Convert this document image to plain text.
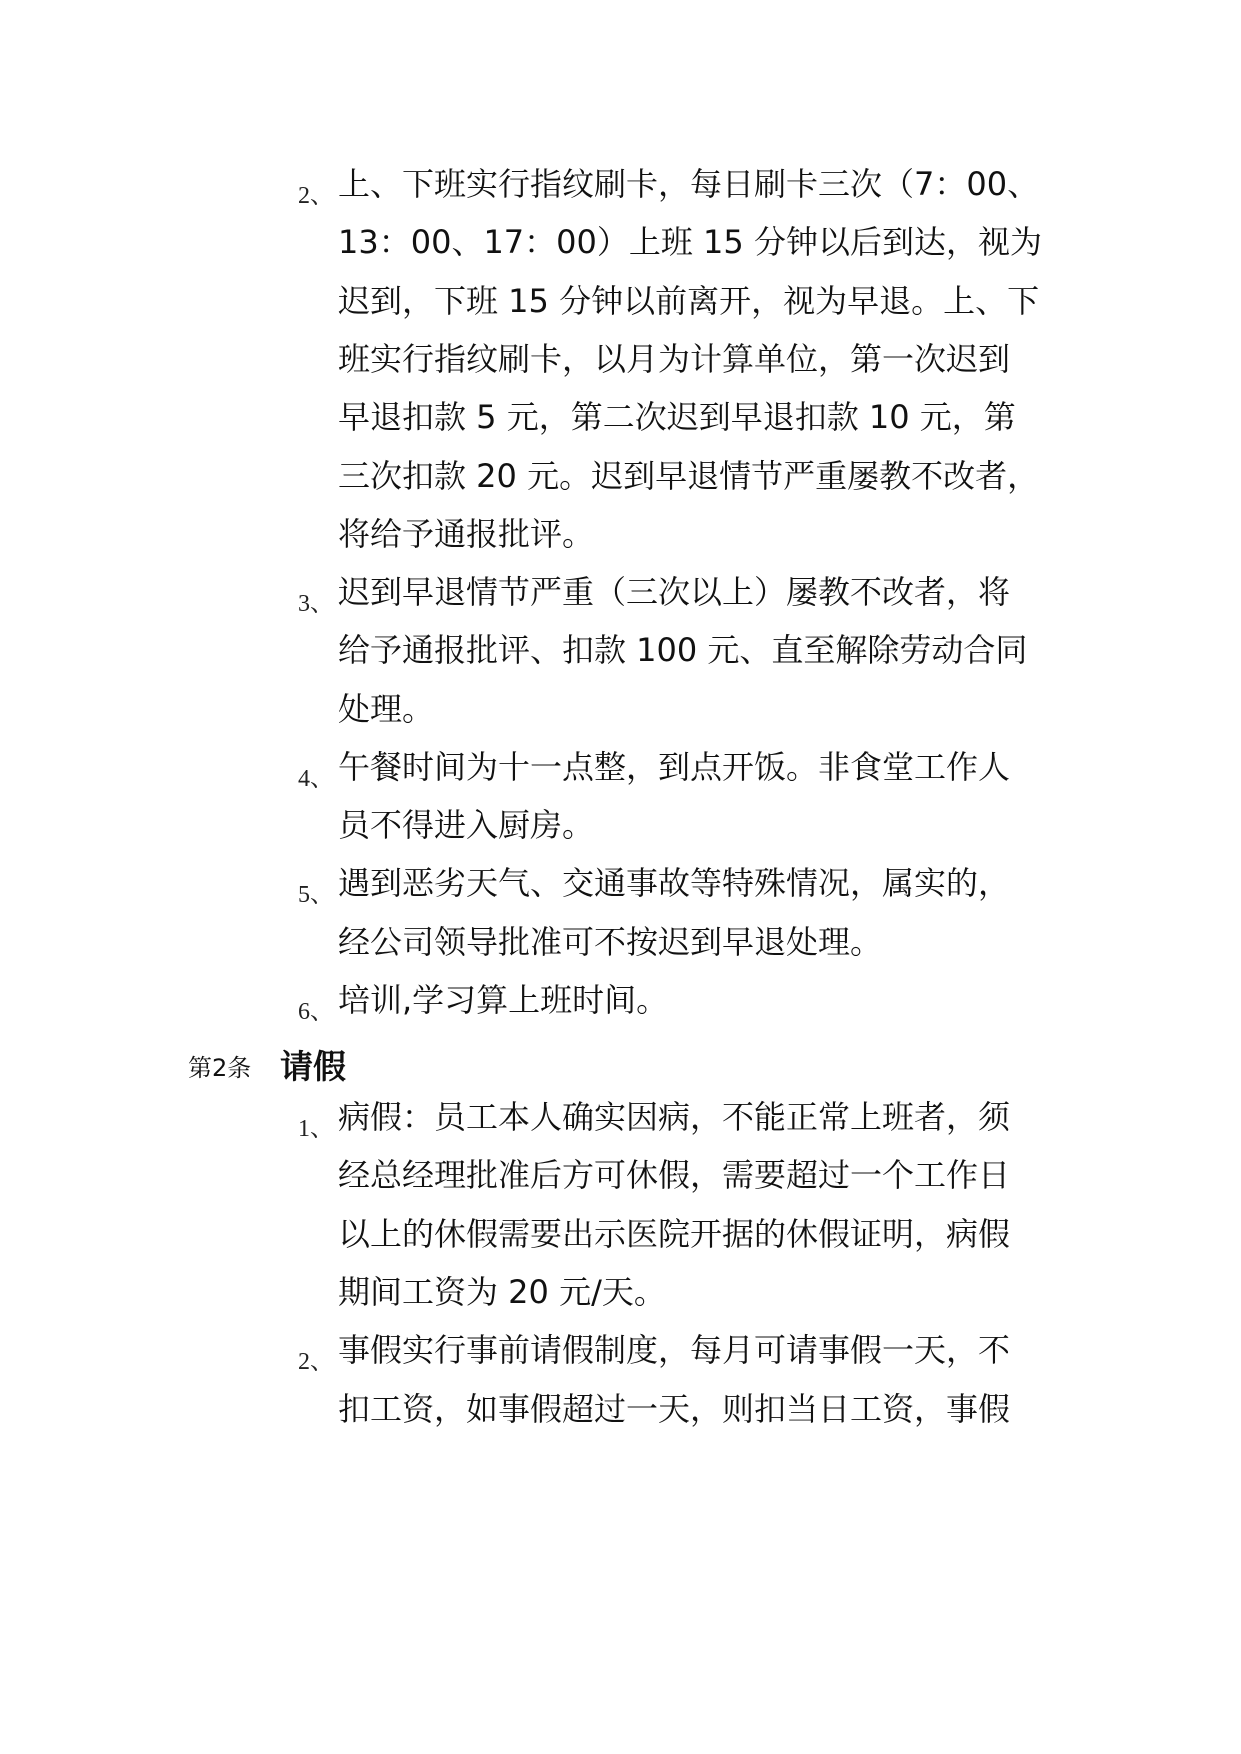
2、 上、下班实行指纹刷卡，每日刷卡三次（7：00、
13：00、17：00）上班 15 分钟以后到达，视为
迟到，下班 15 分钟以前离开，视为早退。上、下
班实行指纹刷卡，以月为计算单位，第一次迟到
早退扣款 5 元，第二次迟到早退扣款 10 元，第
三次扣款 20 元。迟到早退情节严重屡教不改者，
将给予通报批评。
3、 迟到早退情节严重（三次以上）屡教不改者，将
给予通报批评、扣款 100 元、直至解除劳动合同
处理。
4、 午餐时间为十一点整，到点开饭。非食堂工作人
员不得进入厨房。
5、 遇到恶劣天气、交通事故等特殊情况，属实的，
经公司领导批准可不按迟到早退处理。
6、 培训,学习算上班时间。
第2条 请假
1、 病假：员工本人确实因病，不能正常上班者，须
经总经理批准后方可休假，需要超过一个工作日
以上的休假需要出示医院开据的休假证明，病假
期间工资为 20 元/天。
2、 事假实行事前请假制度，每月可请事假一天，不
扣工资，如事假超过一天，则扣当日工资，事假
